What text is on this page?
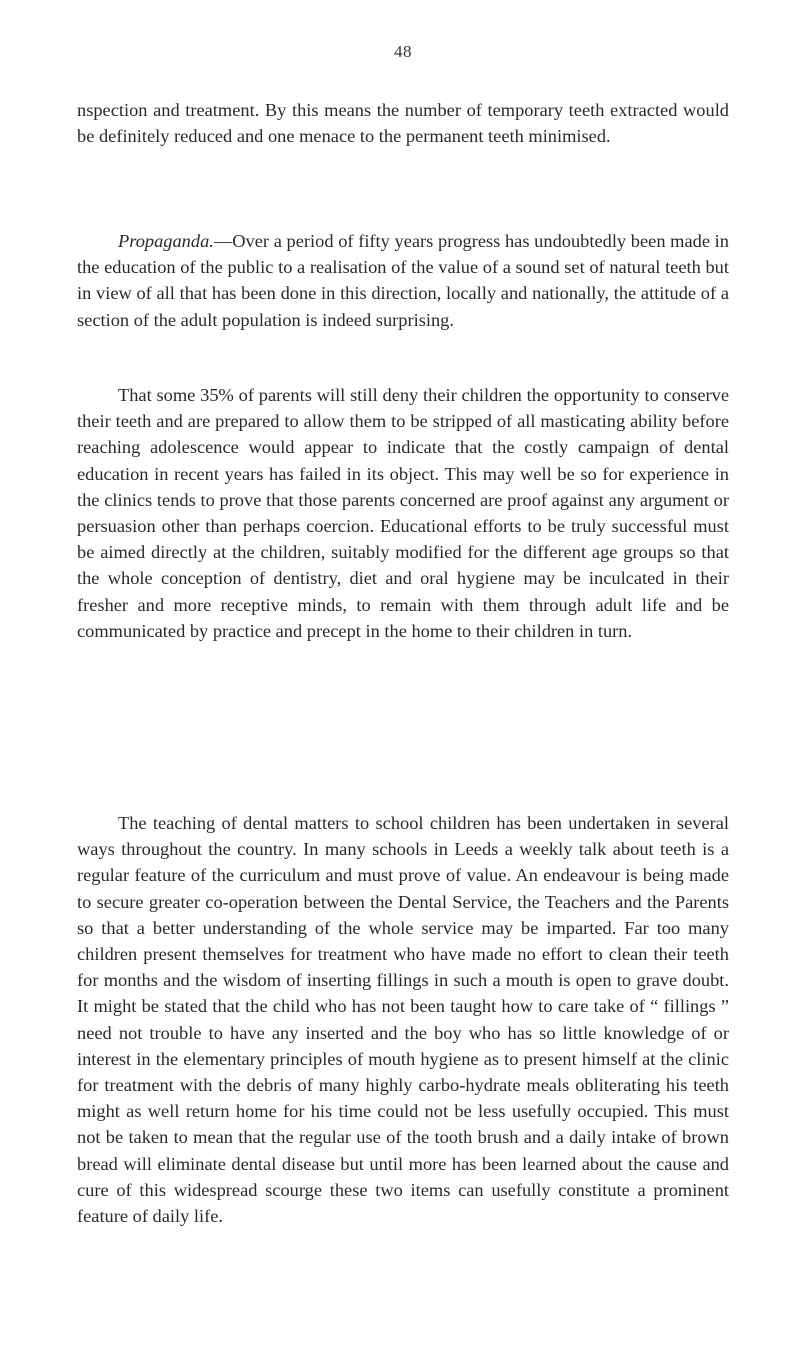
48

nspection and treatment. By this means the number of temporary teeth extracted would be definitely reduced and one menace to the permanent teeth minimised.

Propaganda.—Over a period of fifty years progress has undoubtedly been made in the education of the public to a realisation of the value of a sound set of natural teeth but in view of all that has been done in this direction, locally and nationally, the attitude of a section of the adult population is indeed surprising.

That some 35% of parents will still deny their children the opportunity to conserve their teeth and are prepared to allow them to be stripped of all masticating ability before reaching adolescence would appear to indicate that the costly campaign of dental education in recent years has failed in its object. This may well be so for experience in the clinics tends to prove that those parents concerned are proof against any argument or persuasion other than perhaps coercion. Educational efforts to be truly successful must be aimed directly at the children, suitably modified for the different age groups so that the whole conception of dentistry, diet and oral hygiene may be inculcated in their fresher and more receptive minds, to remain with them through adult life and be communicated by practice and precept in the home to their children in turn.

The teaching of dental matters to school children has been undertaken in several ways throughout the country. In many schools in Leeds a weekly talk about teeth is a regular feature of the curriculum and must prove of value. An endeavour is being made to secure greater co-operation between the Dental Service, the Teachers and the Parents so that a better understanding of the whole service may be imparted. Far too many children present themselves for treatment who have made no effort to clean their teeth for months and the wisdom of inserting fillings in such a mouth is open to grave doubt. It might be stated that the child who has not been taught how to care take of “ fillings ” need not trouble to have any inserted and the boy who has so little knowledge of or interest in the elementary principles of mouth hygiene as to present himself at the clinic for treatment with the debris of many highly carbo-hydrate meals obliterating his teeth might as well return home for his time could not be less usefully occupied. This must not be taken to mean that the regular use of the tooth brush and a daily intake of brown bread will eliminate dental disease but until more has been learned about the cause and cure of this widespread scourge these two items can usefully constitute a prominent feature of daily life.
